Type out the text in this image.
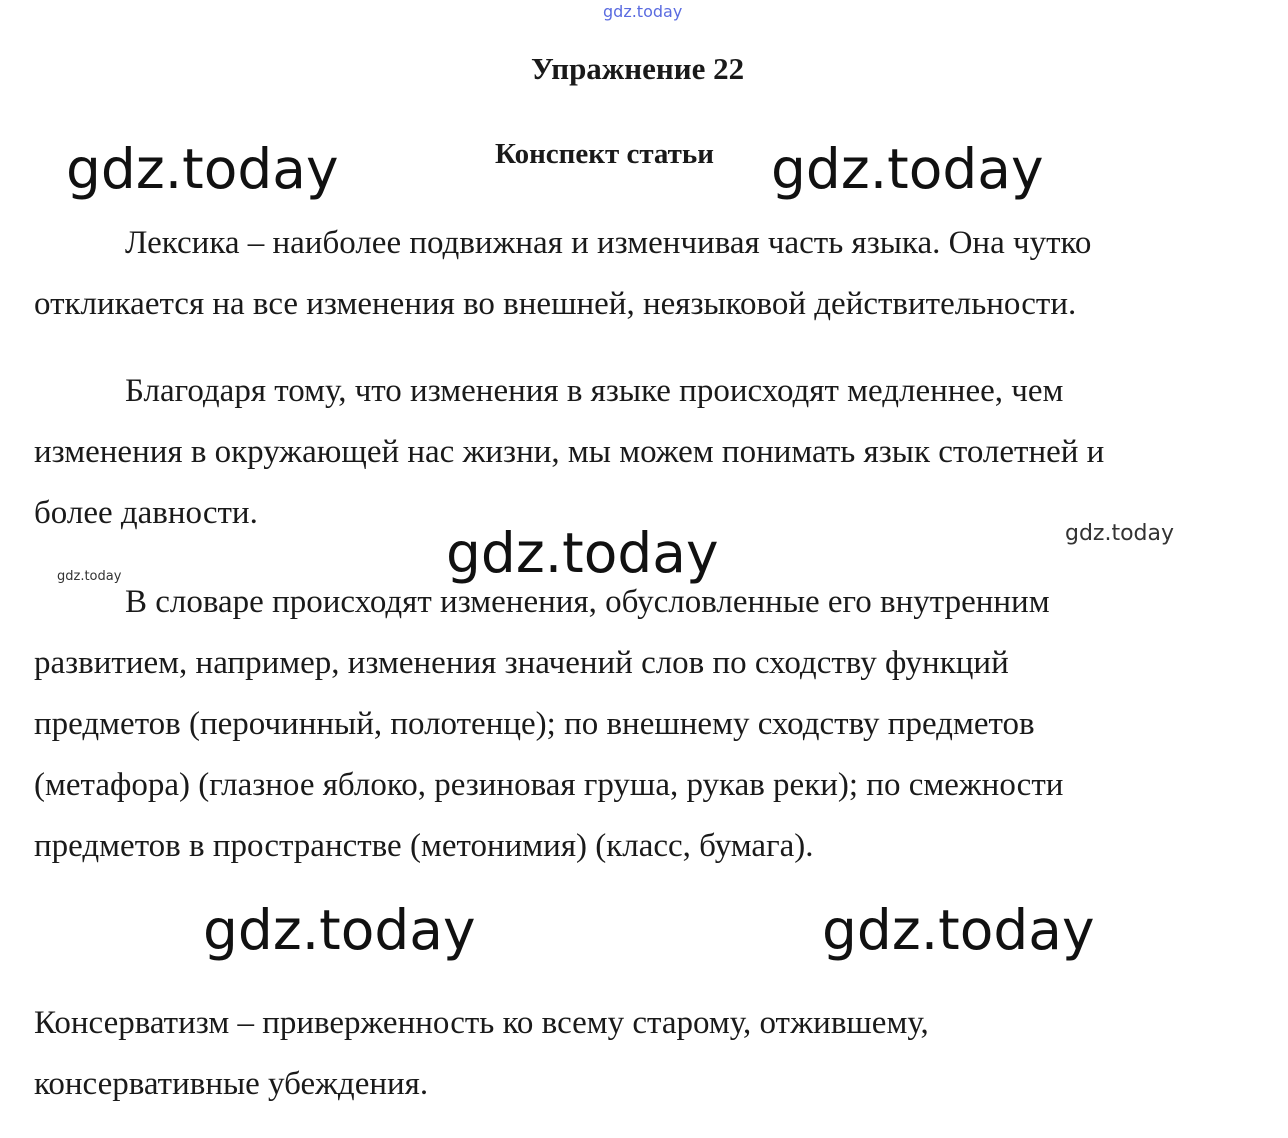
gdz.today
gdz.today	gdz.today
gdz.today
gdz.today	gdz.today
gdz.today
gdz.today
Упражнение 22
Конспект статьи

Лексика – наиболее подвижная и изменчивая часть языка. Она чутко
откликается на все изменения во внешней, неязыковой действительности.

Благодаря тому, что изменения в языке происходят медленнее, чем
изменения в окружающей нас жизни, мы можем понимать язык столетней и
более давности.

В словаре происходят изменения, обусловленные его внутренним
развитием, например, изменения значений слов по сходству функций
предметов (перочинный, полотенце); по внешнему сходству предметов
(метафора) (глазное яблоко, резиновая груша, рукав реки); по смежности
предметов в пространстве (метонимия) (класс, бумага).

Консерватизм – приверженность ко всему старому, отжившему,
консервативные убеждения.
